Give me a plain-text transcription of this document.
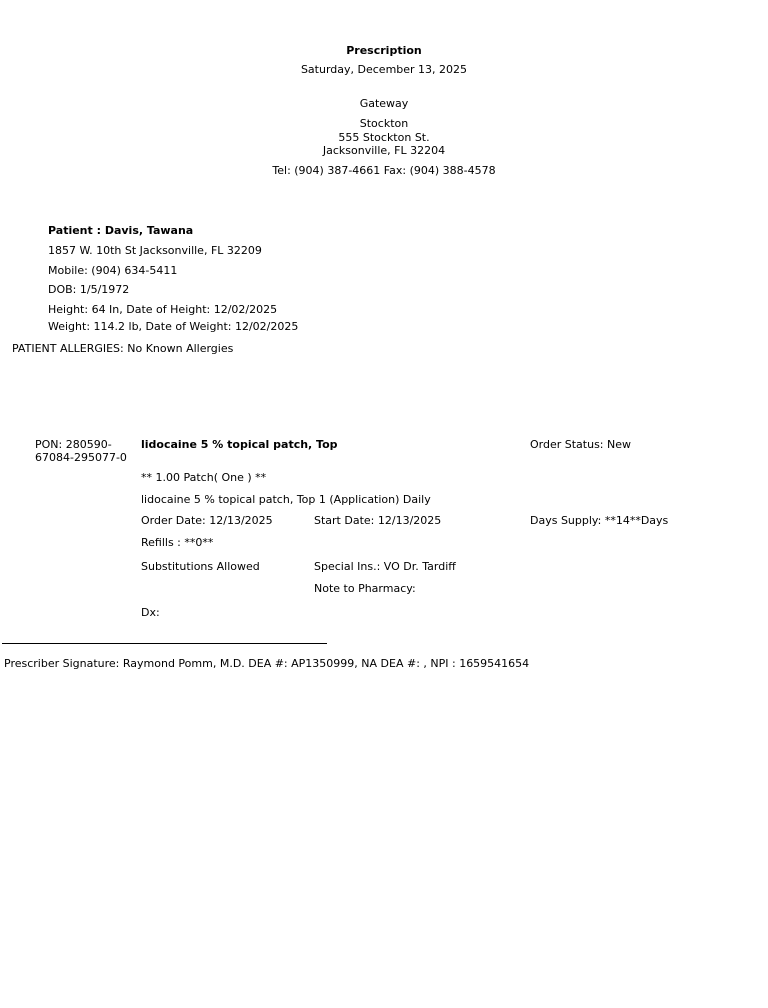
Prescription
Saturday, December 13, 2025
Gateway
Stockton
555 Stockton St.
Jacksonville, FL 32204
Tel: (904) 387-4661 Fax: (904) 388-4578
Patient : Davis, Tawana
1857 W. 10th St Jacksonville, FL 32209
Mobile: (904) 634-5411
DOB: 1/5/1972
Height: 64 In, Date of Height: 12/02/2025
Weight: 114.2 lb, Date of Weight: 12/02/2025
PATIENT ALLERGIES: No Known Allergies
PON: 280590-
67084-295077-0
lidocaine 5 % topical patch, Top	Order Status: New
** 1.00 Patch( One ) **
lidocaine 5 % topical patch, Top 1 (Application) Daily
Order Date: 12/13/2025	Start Date: 12/13/2025	Days Supply: **14**Days
Refills : **0**
Substitutions Allowed	Special Ins.: VO Dr. Tardiff
Note to Pharmacy:
Dx:
Prescriber Signature: Raymond Pomm, M.D. DEA #: AP1350999, NA DEA #: , NPI : 1659541654
